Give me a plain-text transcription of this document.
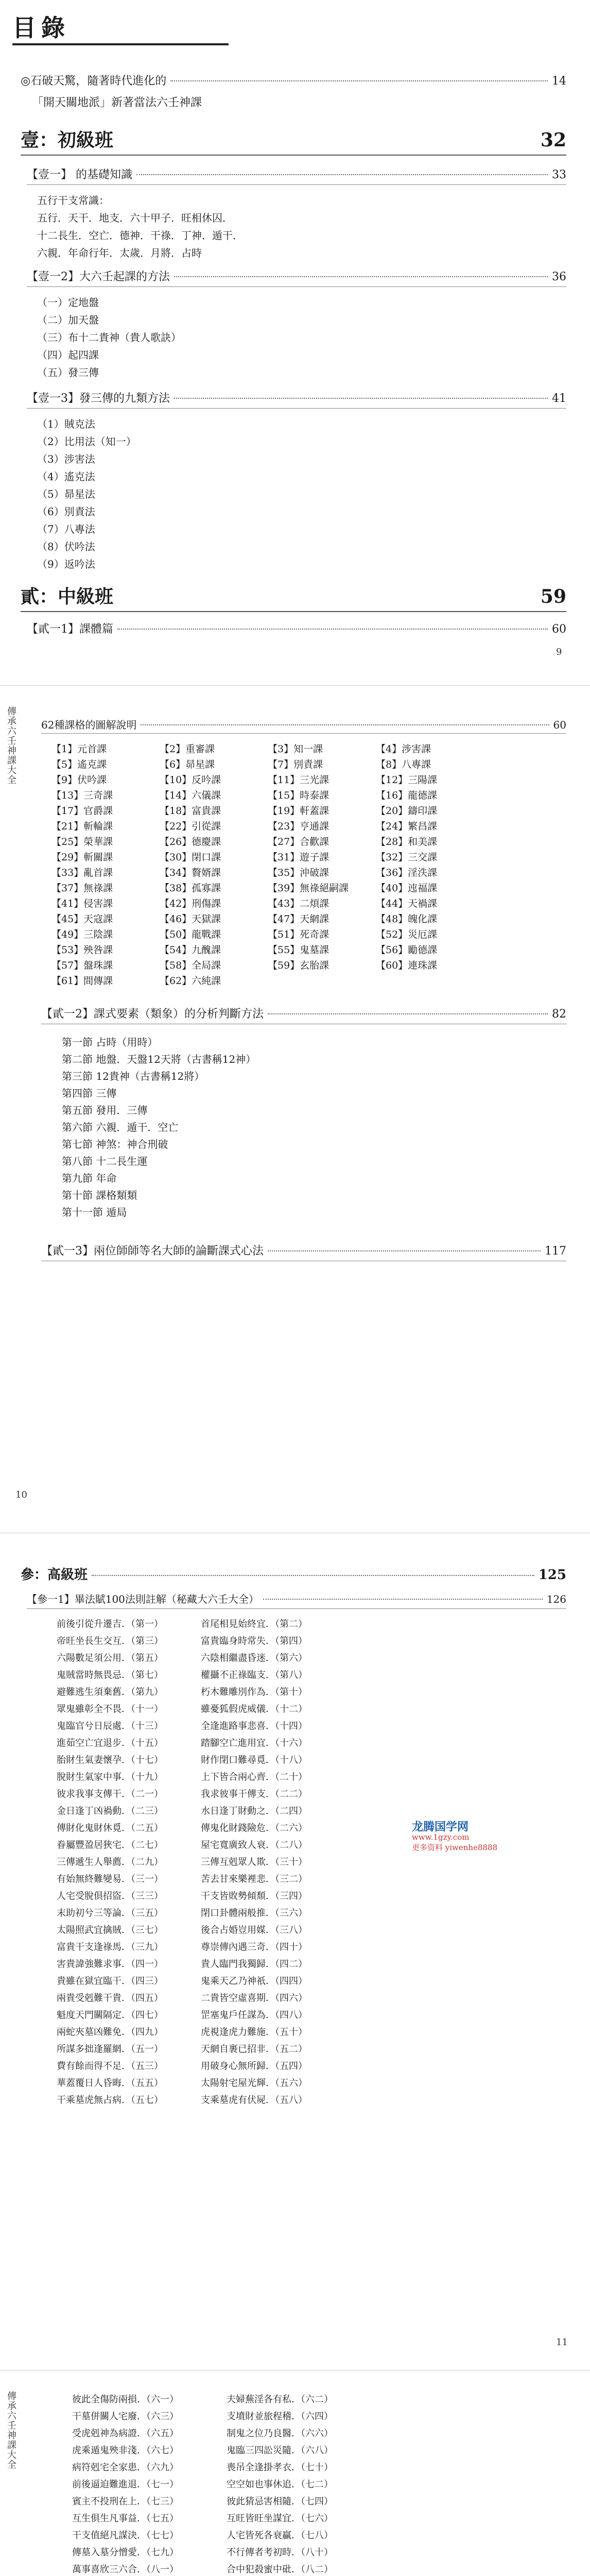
目錄
◎石破天驚，隨著時代進化的	14
「開天關地派」新著當法六壬神課
壹：初級班	32
【壹一】 的基礎知識	33
五行干支常識：
五行．天干．地支．六十甲子．旺相休囚．
十二長生．空亡．德神．干祿．丁神．遁干．
六親．年命行年．太歲．月將．占時
【壹一2】大六壬起課的方法	36
（一）定地盤
（二）加天盤
（三）布十二貴神（貴人歌訣）
（四）起四課
（五）發三傳
【壹一3】發三傳的九類方法	41
（1）賊克法
（2）比用法（知一）
（3）涉害法
（4）遙克法
（5）昴星法
（6）別責法
（7）八專法
（8）伏吟法
（9）返吟法
貳：中級班	59
【貳一1】課體篇	60
9
傳承六壬神課大全 62種課格的圖解說明	60
【1】元首課	【2】重審課	【3】知一課	【4】涉害課
【5】遙克課	【6】昴星課	【7】別責課	【8】八專課
【9】伏吟課	【10】反吟課	【11】三光課	【12】三陽課
【13】三奇課	【14】六儀課	【15】時泰課	【16】龍德課
【17】官爵課	【18】富貴課	【19】軒蓋課	【20】鑄印課
【21】斬輪課	【22】引從課	【23】亨通課	【24】繁昌課
【25】榮華課	【26】德慶課	【27】合歡課	【28】和美課
【29】斬關課	【30】閉口課	【31】遊子課	【32】三交課
【33】亂首課	【34】贅婿課	【35】沖破課	【36】淫泆課
【37】無祿課	【38】孤寡課	【39】無祿絕嗣課	【40】迍福課
【41】侵害課	【42】刑傷課	【43】二煩課	【44】天禍課
【45】天寇課	【46】天獄課	【47】天網課	【48】魄化課
【49】三陰課	【50】龍戰課	【51】死奇課	【52】災厄課
【53】殃咎課	【54】九醜課	【55】鬼墓課	【56】勵德課
【57】盤珠課	【58】全局課	【59】玄胎課	【60】連珠課
【61】間傳課	【62】六純課
【貳一2】課式要素（類象）的分析判斷方法	82
第一節 占時（用時）
第二節 地盤．天盤12天將（古書稱12神）
第三節 12貴神（古書稱12將）
第四節 三傳
第五節 發用．三傳
第六節 六親．遁干．空亡
第七節 神煞：神合刑破
第八節 十二長生運
第九節 年命
第十節 課格類類
第十一節 遁局
【貳一3】兩位師師等名大師的論斷課式心法	117
10
參：高級班	125
【參一1】畢法賦100法則註解（秘藏大六壬大全）	126
前後引從升遷吉．（第一）	首尾相見始終宜．（第二）
帝旺坐長生交互．（第三）	富貴臨身時常失．（第四）
六陽數足須公用．（第五）	六陰相繼盡昏迷．（第六）
鬼賊當時無畏忌．（第七）	權攝不正祿臨支．（第八）
避難逃生須棄舊．（第九）	朽木難雕別作為．（第十）
眾鬼雖彰全不畏．（十一）	雖憂狐假虎威儀．（十二）
鬼臨官兮日辰處．（十三）	全逢進路事悲喜．（十四）
進茹空亡宜退步．（十五）	踏腳空亡進用宜．（十六）
胎財生氣妻懷孕．（十七）	財作閉口難尋覓．（十八）
脫財生氣家中事．（十九）	上下皆合兩心齊．（二十）
彼求我事支傳干．（二一）	我求彼事干傳支．（二二）
金日逢丁凶禍動．（二三）	水日逢丁財動之．（二四）
傳財化鬼財休覓．（二五）	傳鬼化財錢險危．（二六）
眷屬豐盈居狹宅．（二七）	屋宅寬廣致人衰．（二八）
三傳遞生人舉薦．（二九）	三傳互剋眾人欺．（三十）
有始無終難變易．（三一）	苦去甘來樂裡悲．（三二）
人宅受脫俱招盜．（三三）	干支皆敗勢傾頹．（三四）
末助初兮三等論．（三五）	閉口卦體兩般推．（三六）
太陽照武宜擒賊．（三七）	後合占婚豈用媒．（三八）
富貴干支逢祿馬．（三九）	尊崇傳內遇三奇．（四十）
害貴諱強難求事．（四一）	貴人臨門我獨歸．（四二）
貴雖在獄宜臨干．（四三）	鬼乘天乙乃神祇．（四四）
兩貴受剋難干貴．（四五）	二貴皆空虛喜期．（四六）
魁度天門關隔定．（四七）	罡塞鬼戶任謀為．（四八）
兩蛇夾墓凶難免．（四九）	虎視逢虎力難施．（五十）
所謀多拙逢羅網．（五一）	天網自裹已招非．（五二）
費有餘而得不足．（五三）	用破身心無所歸．（五四）
華蓋覆日人昏晦．（五五）	太陽射宅屋光輝．（五六）
干乘墓虎無占病．（五七）	支乘墓虎有伏屍．（五八）
龙腾国学网
www.1gzy.com
更多资料 yiwenhe8888
11
傳承六壬神課大全	彼此全傷防兩損．（六一）	夫婦蕪淫各有私．（六二）
干墓併關人宅廢．（六三）	支墳財並旅程稽．（六四）
受虎剋神為病證．（六五）	制鬼之位乃良醫．（六六）
虎乘遁鬼殃非淺．（六七）	鬼臨三四訟災隨．（六八）
病符剋宅全家患．（六九）	喪吊全逢掛孝衣．（七十）
前後逼迫難進退．（七一）	空空如也事休追．（七二）
賓主不投刑在上．（七三）	彼此猜忌害相隨．（七四）
互生俱生凡事益．（七五）	互旺皆旺坐謀宜．（七六）
干支值絕凡謀決．（七七）	人宅皆死各衰贏．（七八）
傳墓入墓分憎愛．（七九）	不行傳者考初時．（八十）
萬事喜欣三六合．（八一）	合中犯殺蜜中砒．（八二）
